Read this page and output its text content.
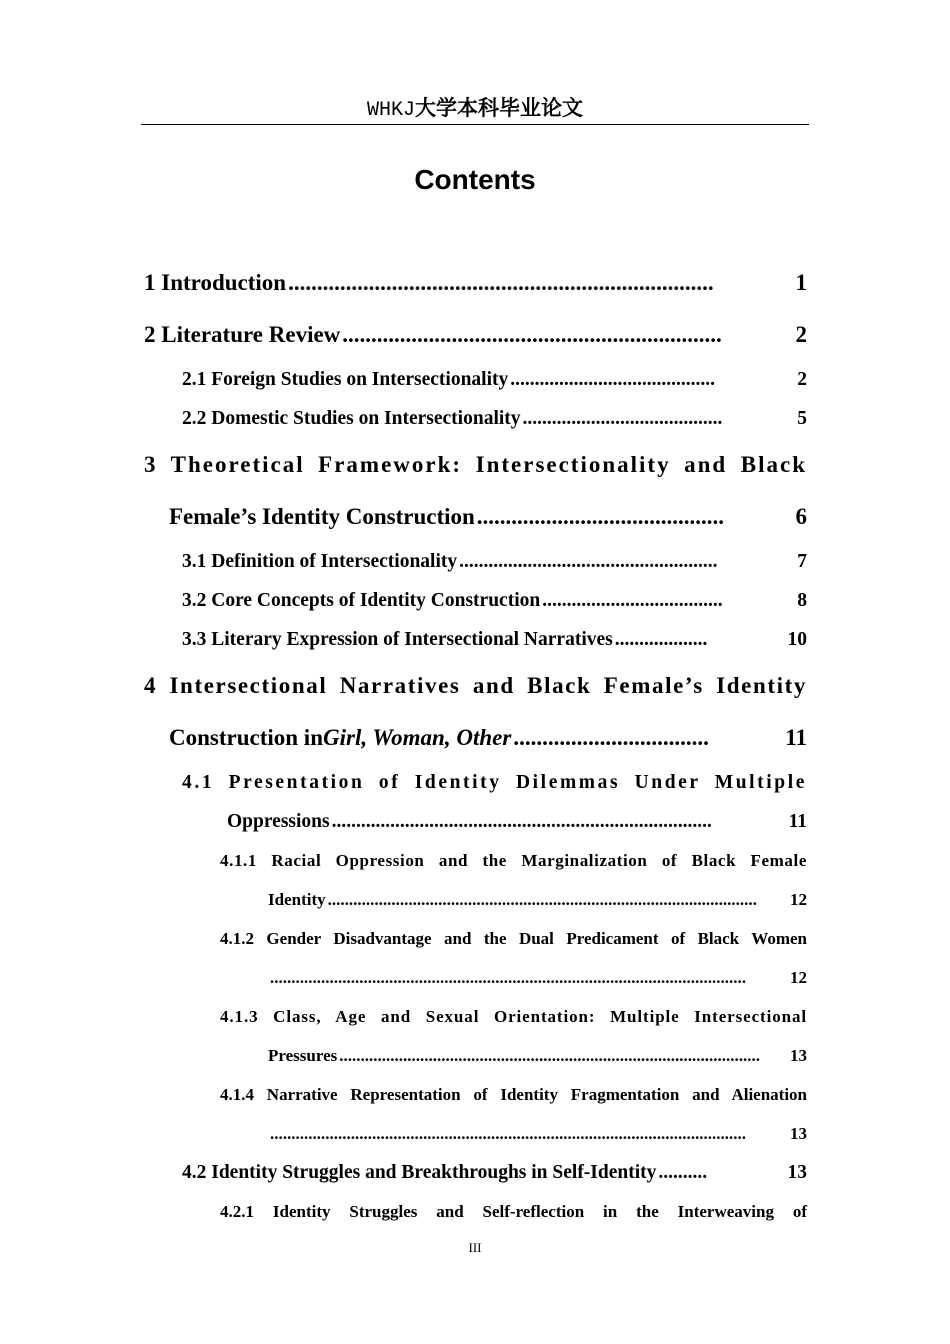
WHKJ大学本科毕业论文
Contents
1 Introduction ..........................................................................	1
2 Literature Review ..................................................................	2
2.1 Foreign Studies on Intersectionality ..........................................	2
2.2 Domestic Studies on Intersectionality .........................................	5
3 Theoretical Framework: Intersectionality and Black
Female’s Identity Construction ...........................................	6
3.1 Definition of Intersectionality .....................................................	7
3.2 Core Concepts of Identity Construction .....................................	8
3.3 Literary Expression of Intersectional Narratives ...................	10
4 Intersectional Narratives and Black Female’s Identity
Construction in Girl, Woman, Other ..................................	11
4.1 Presentation of Identity Dilemmas Under Multiple
Oppressions ..............................................................................	11
4.1.1 Racial Oppression and the Marginalization of Black Female
Identity .....................................................................................................	12
4.1.2 Gender Disadvantage and the Dual Predicament of Black Women
................................................................................................................	12
4.1.3 Class, Age and Sexual Orientation: Multiple Intersectional
Pressures ...................................................................................................	13
4.1.4 Narrative Representation of Identity Fragmentation and Alienation
................................................................................................................	13
4.2 Identity Struggles and Breakthroughs in Self-Identity ..........	13
4.2.1 Identity Struggles and Self-reflection in the Interweaving of
III
